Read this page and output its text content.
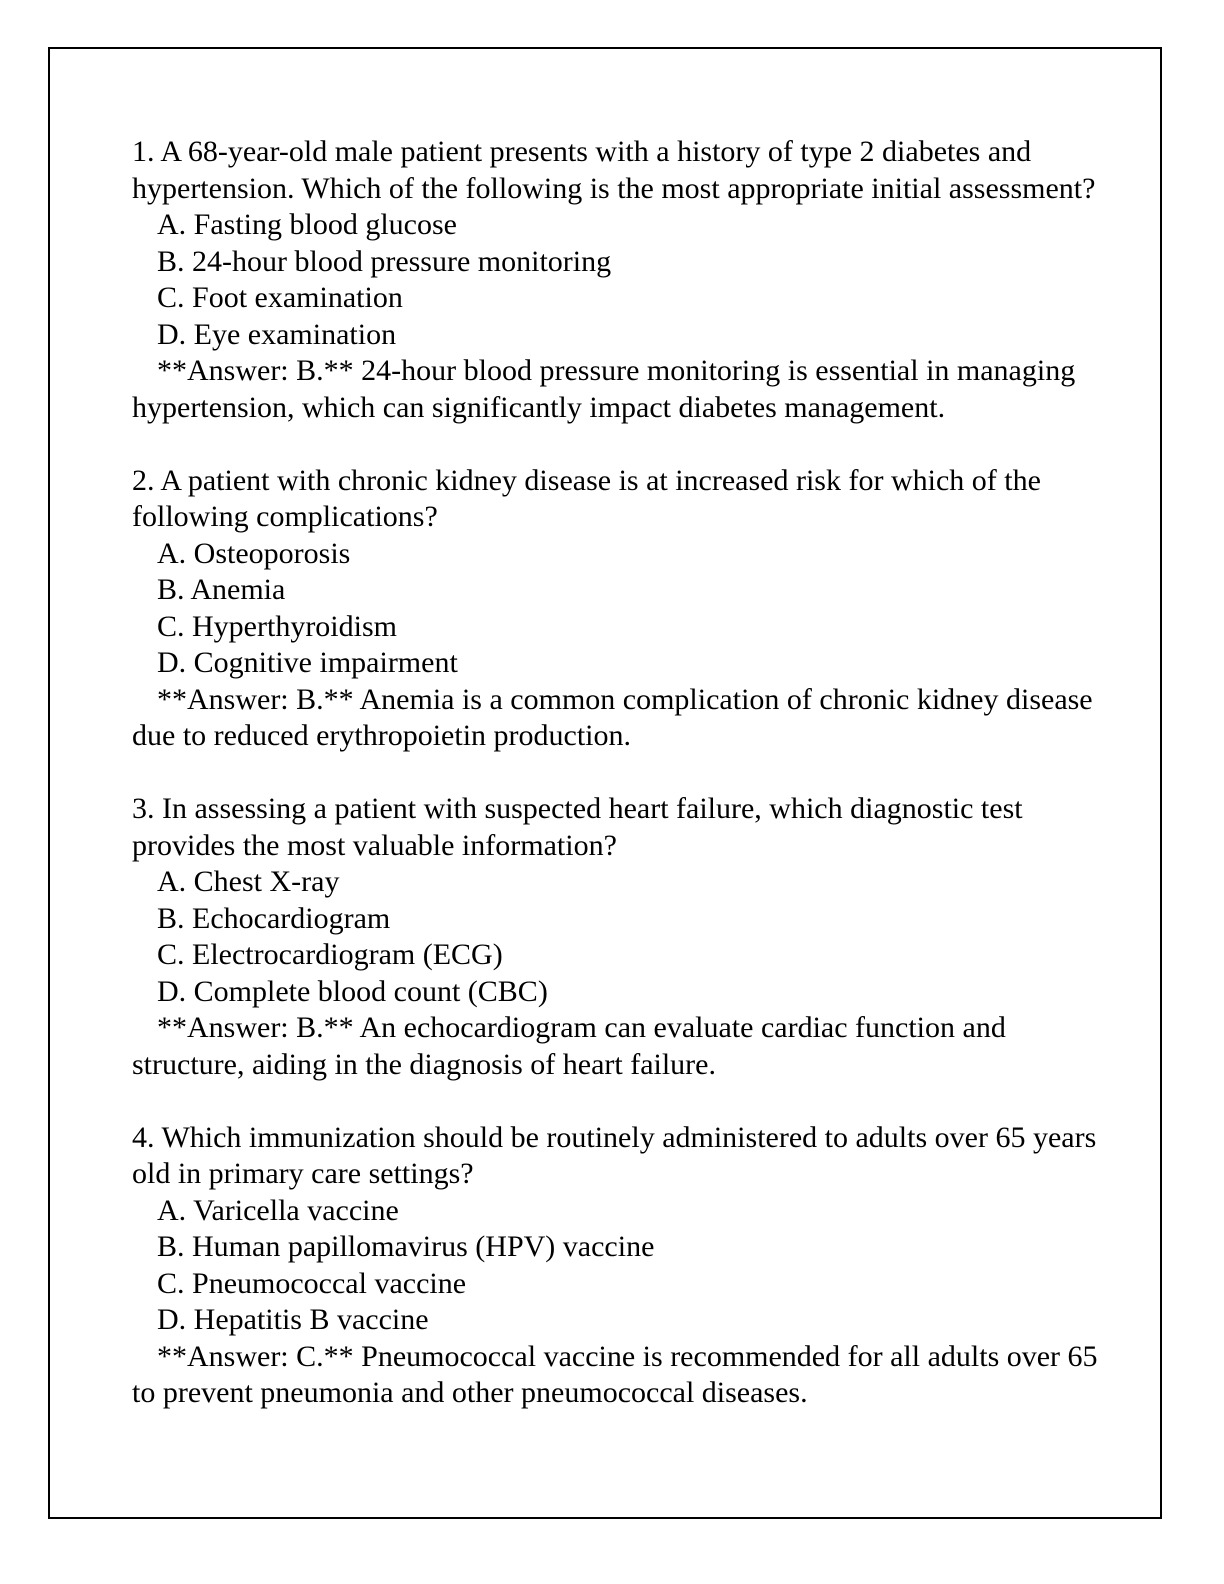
1. A 68-year-old male patient presents with a history of type 2 diabetes and hypertension. Which of the following is the most appropriate initial assessment?
A. Fasting blood glucose
B. 24-hour blood pressure monitoring
C. Foot examination
D. Eye examination
**Answer: B.** 24-hour blood pressure monitoring is essential in managing hypertension, which can significantly impact diabetes management.
2. A patient with chronic kidney disease is at increased risk for which of the following complications?
A. Osteoporosis
B. Anemia
C. Hyperthyroidism
D. Cognitive impairment
**Answer: B.** Anemia is a common complication of chronic kidney disease due to reduced erythropoietin production.
3. In assessing a patient with suspected heart failure, which diagnostic test provides the most valuable information?
A. Chest X-ray
B. Echocardiogram
C. Electrocardiogram (ECG)
D. Complete blood count (CBC)
**Answer: B.** An echocardiogram can evaluate cardiac function and structure, aiding in the diagnosis of heart failure.
4. Which immunization should be routinely administered to adults over 65 years old in primary care settings?
A. Varicella vaccine
B. Human papillomavirus (HPV) vaccine
C. Pneumococcal vaccine
D. Hepatitis B vaccine
**Answer: C.** Pneumococcal vaccine is recommended for all adults over 65 to prevent pneumonia and other pneumococcal diseases.
